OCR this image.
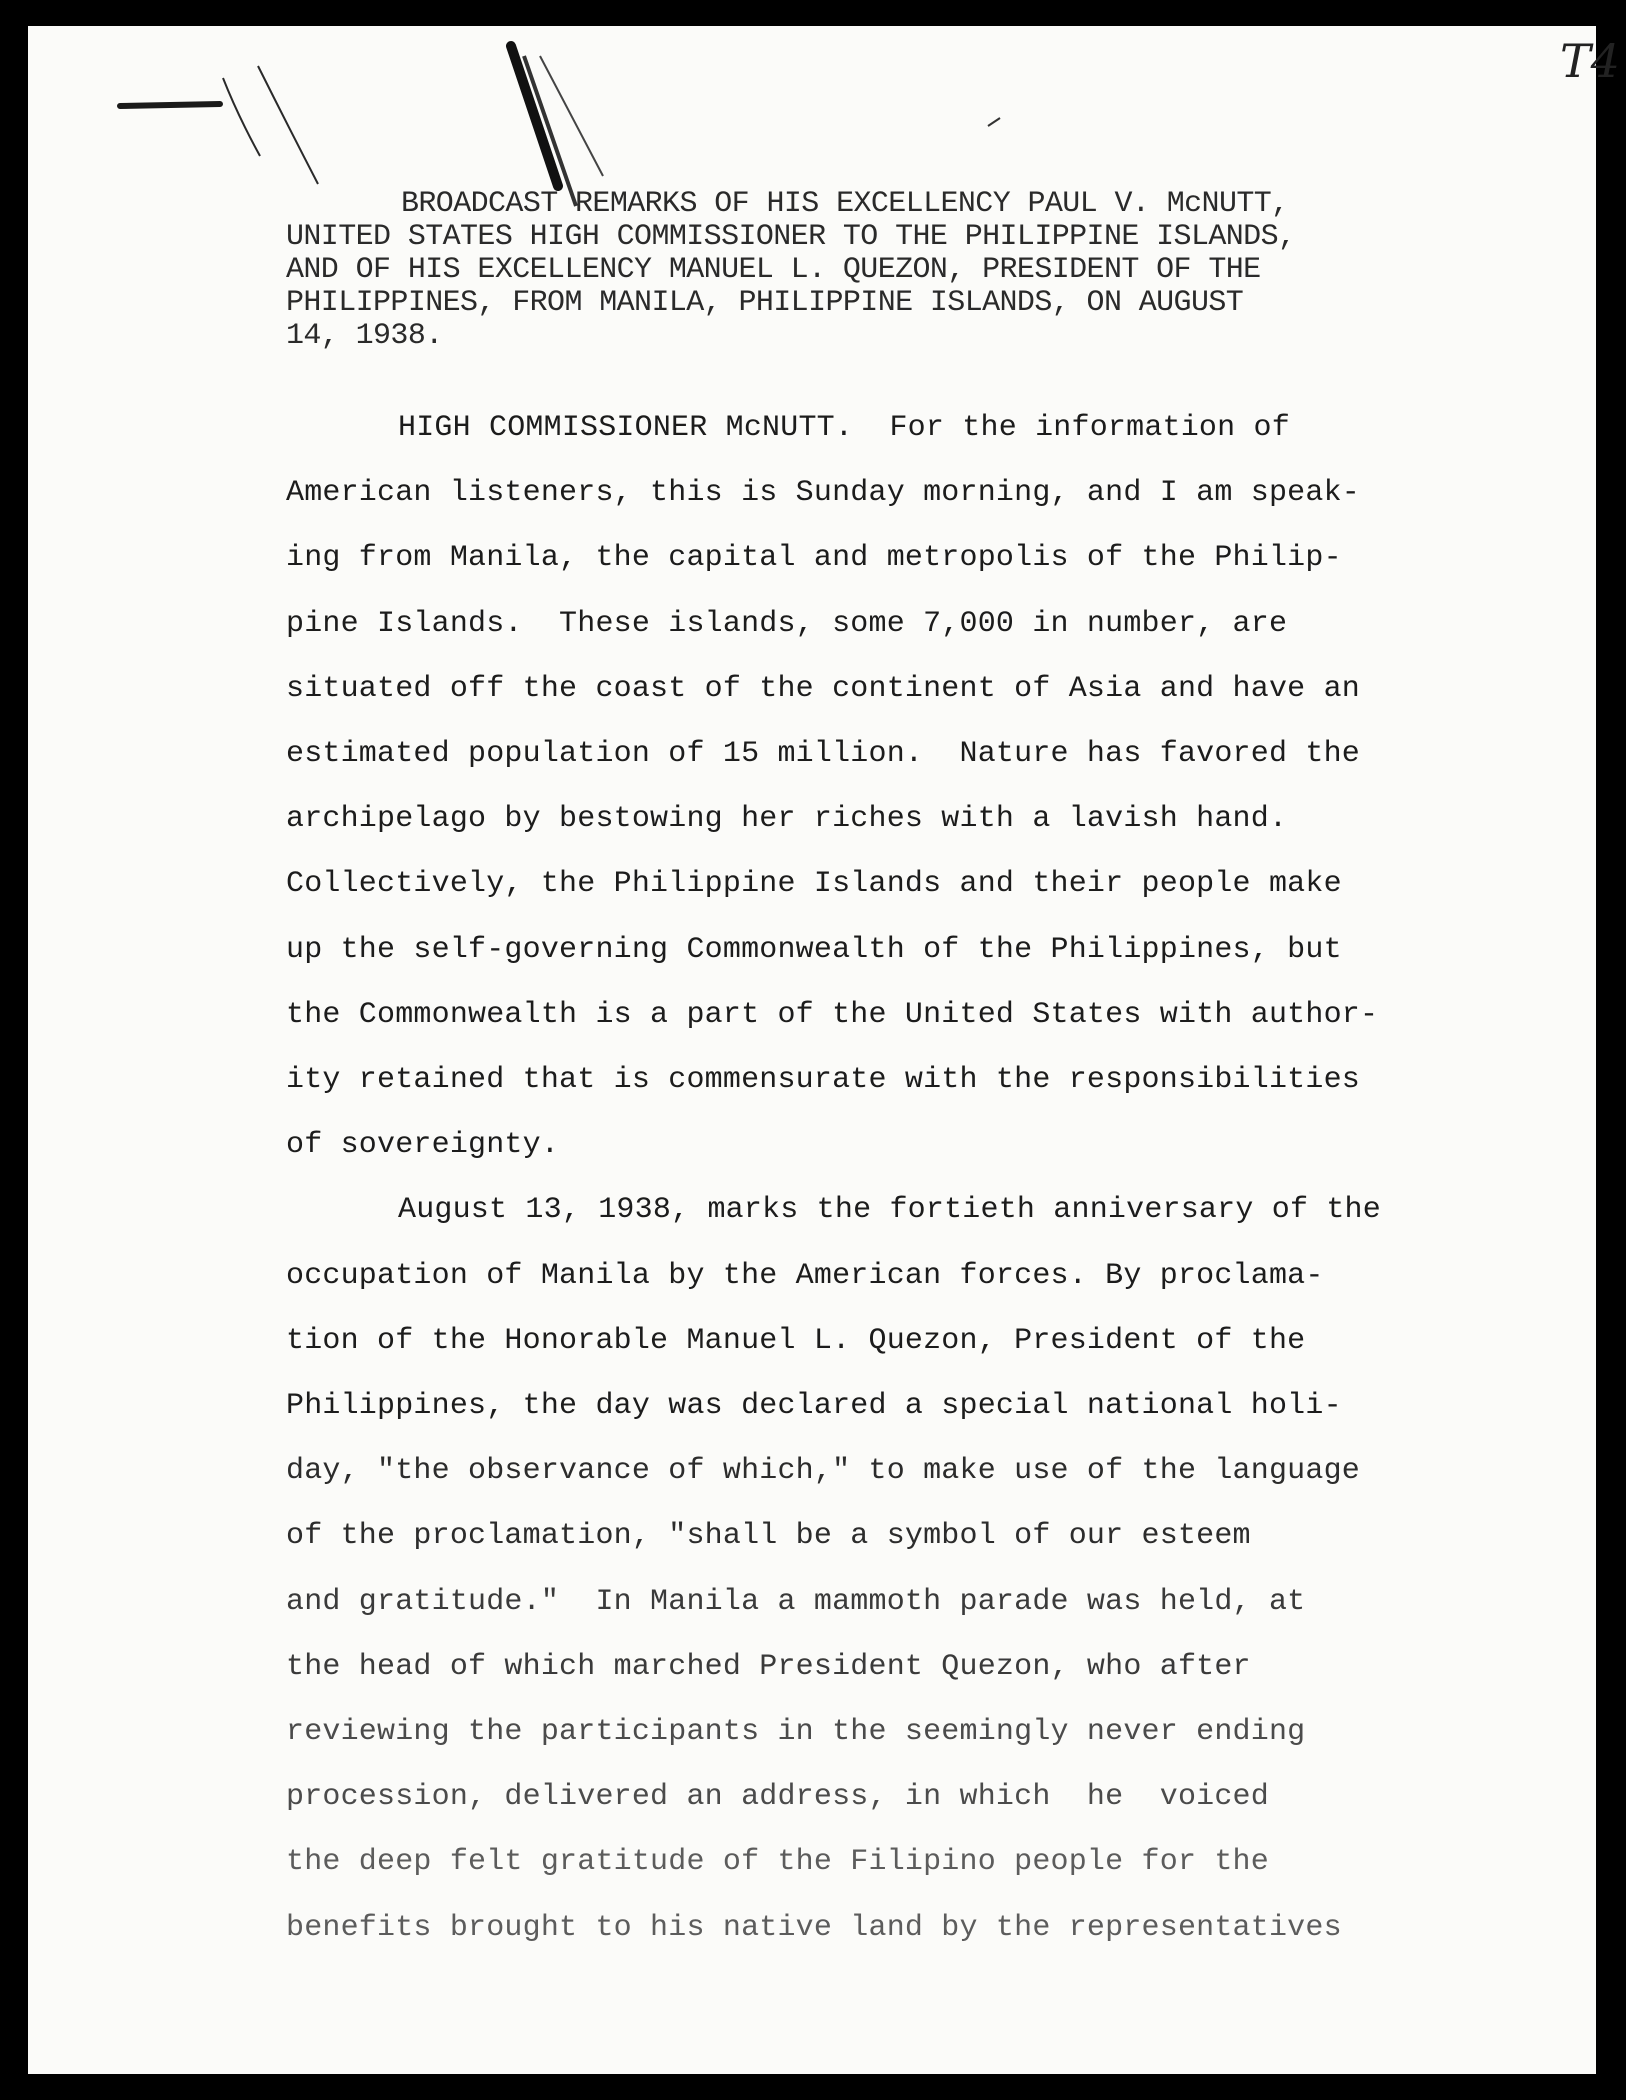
T4
BROADCAST REMARKS OF HIS EXCELLENCY PAUL V. McNUTT,
UNITED STATES HIGH COMMISSIONER TO THE PHILIPPINE ISLANDS,
AND OF HIS EXCELLENCY MANUEL L. QUEZON, PRESIDENT OF THE
PHILIPPINES, FROM MANILA, PHILIPPINE ISLANDS, ON AUGUST
14, 1938.
HIGH COMMISSIONER McNUTT.  For the information of
American listeners, this is Sunday morning, and I am speak-
ing from Manila, the capital and metropolis of the Philip-
pine Islands.  These islands, some 7,000 in number, are
situated off the coast of the continent of Asia and have an
estimated population of 15 million.  Nature has favored the
archipelago by bestowing her riches with a lavish hand.
Collectively, the Philippine Islands and their people make
up the self-governing Commonwealth of the Philippines, but
the Commonwealth is a part of the United States with author-
ity retained that is commensurate with the responsibilities
of sovereignty.
August 13, 1938, marks the fortieth anniversary of the
occupation of Manila by the American forces. By proclama-
tion of the Honorable Manuel L. Quezon, President of the
Philippines, the day was declared a special national holi-
day, "the observance of which," to make use of the language
of the proclamation, "shall be a symbol of our esteem
and gratitude."  In Manila a mammoth parade was held, at
the head of which marched President Quezon, who after
reviewing the participants in the seemingly never ending
procession, delivered an address, in which  he  voiced
the deep felt gratitude of the Filipino people for the
benefits brought to his native land by the representatives
